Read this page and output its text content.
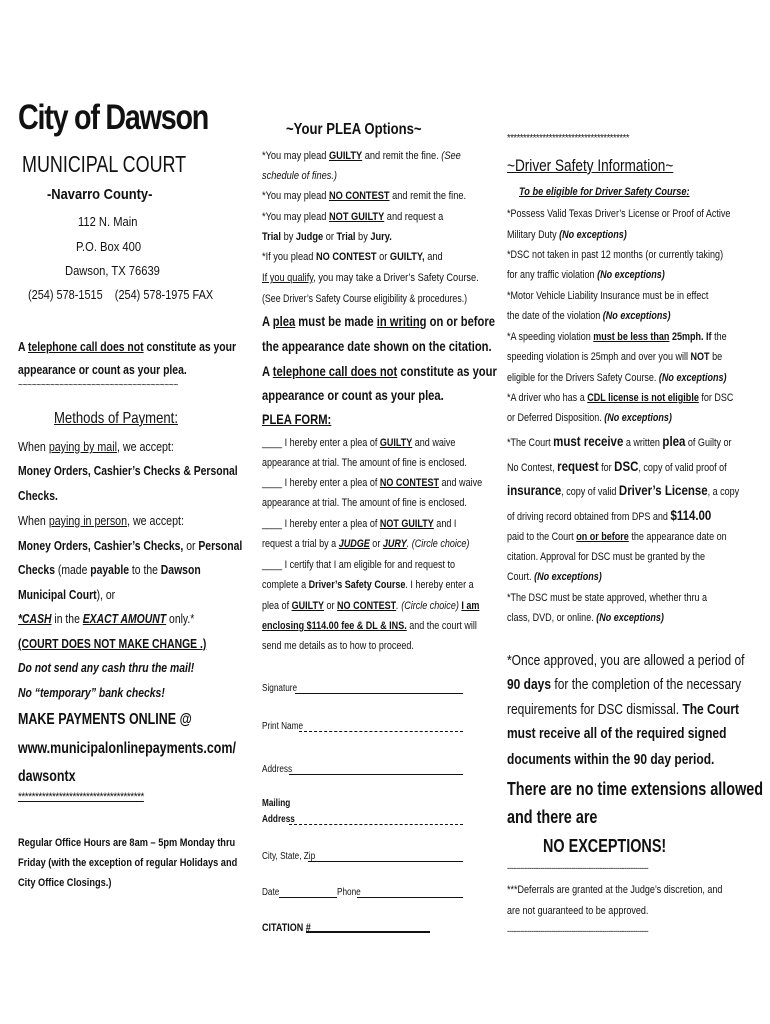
City of Dawson
MUNICIPAL COURT
-Navarro County-
112 N. Main
P.O. Box 400
Dawson, TX 76639
(254) 578-1515    (254) 578-1975 FAX
A telephone call does not constitute as your
appearance or count as your plea.
~~~~~~~~~~~~~~~~~~~~~~~~~~~~~~~~~~~
Methods of Payment:
When paying by mail, we accept:
Money Orders, Cashier’s Checks & Personal
Checks.
When paying in person, we accept:
Money Orders, Cashier’s Checks, or Personal
Checks (made payable to the Dawson
Municipal Court), or
*CASH in the EXACT AMOUNT only.*
(COURT DOES NOT MAKE CHANGE .)
Do not send any cash thru the mail!
No “temporary” bank checks!
MAKE PAYMENTS ONLINE @
www.municipalonlinepayments.com/
dawsontx
*************************************
Regular Office Hours are 8am – 5pm Monday thru
Friday (with the exception of regular Holidays and
City Office Closings.)
~Your PLEA Options~
*You may plead GUILTY and remit the fine. (See
schedule of fines.)
*You may plead NO CONTEST and remit the fine.
*You may plead NOT GUILTY and request a
Trial by Judge or Trial by Jury.
*If you plead NO CONTEST or GUILTY, and
If you qualify, you may take a Driver’s Safety Course.
(See Driver’s Safety Course eligibility & procedures.)
A plea must be made in writing on or before
the appearance date shown on the citation.
A telephone call does not constitute as your
appearance or count as your plea.
PLEA FORM:
____ I hereby enter a plea of GUILTY and waive
appearance at trial. The amount of fine is enclosed.
____ I hereby enter a plea of NO CONTEST and waive
appearance at trial. The amount of fine is enclosed.
____ I hereby enter a plea of NOT GUILTY and I
request a trial by a JUDGE or JURY. (Circle choice)
____ I certify that I am eligible for and request to
complete a Driver’s Safety Course. I hereby enter a
plea of GUILTY or NO CONTEST. (Circle choice) I am
enclosing $114.00 fee & DL & INS. and the court will
send me details as to how to proceed.
Signature
Print Name
Address
Mailing
Address
City, State, Zip
Date	Phone
CITATION #
**************************************
~Driver Safety Information~
To be eligible for Driver Safety Course:
*Possess Valid Texas Driver’s License or Proof of Active
Military Duty (No exceptions)
*DSC not taken in past 12 months (or currently taking)
for any traffic violation (No exceptions)
*Motor Vehicle Liability Insurance must be in effect
the date of the violation (No exceptions)
*A speeding violation must be less than 25mph. If the
speeding violation is 25mph and over you will NOT be
eligible for the Drivers Safety Course. (No exceptions)
*A driver who has a CDL license is not eligible for DSC
or Deferred Disposition. (No exceptions)
*The Court must receive a written plea of Guilty or
No Contest, request for DSC, copy of valid proof of
insurance, copy of valid Driver’s License, a copy
of driving record obtained from DPS and $114.00
paid to the Court on or before the appearance date on
citation. Approval for DSC must be granted by the
Court. (No exceptions)
*The DSC must be state approved, whether thru a
class, DVD, or online. (No exceptions)
*Once approved, you are allowed a period of
90 days for the completion of the necessary
requirements for DSC dismissal. The Court
must receive all of the required signed
documents within the 90 day period.
There are no time extensions allowed
and there are
NO EXCEPTIONS!
----------------------------------------------------------------
***Deferrals are granted at the Judge’s discretion, and
are not guaranteed to be approved.
----------------------------------------------------------------
